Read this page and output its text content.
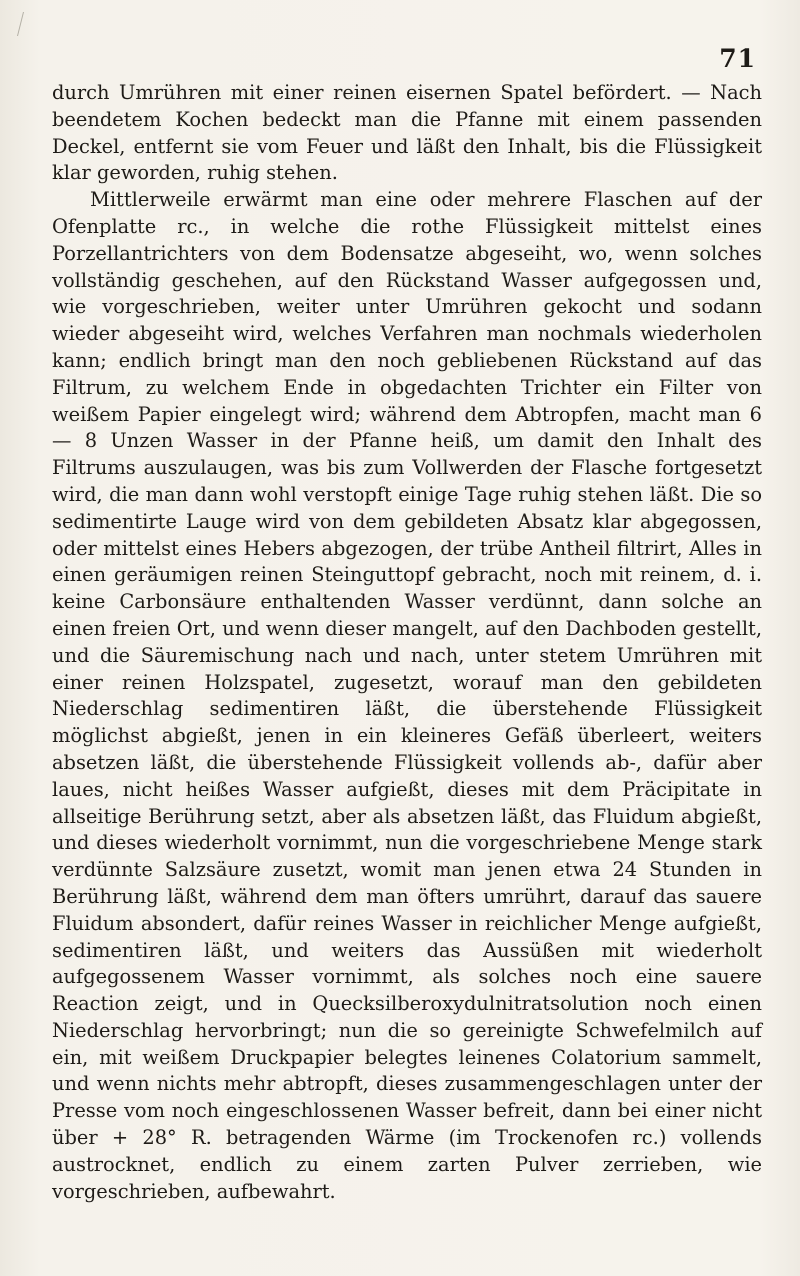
71

durch Umrühren mit einer reinen eisernen Spatel befördert. — Nach beendetem Kochen bedeckt man die Pfanne mit einem passenden Deckel, entfernt sie vom Feuer und läßt den Inhalt, bis die Flüssigkeit klar geworden, ruhig stehen.

Mittlerweile erwärmt man eine oder mehrere Flaschen auf der Ofenplatte rc., in welche die rothe Flüssigkeit mittelst eines Porzellantrichters von dem Bodensatze abgeseiht, wo, wenn solches vollständig geschehen, auf den Rückstand Wasser aufgegossen und, wie vorgeschrieben, weiter unter Umrühren gekocht und sodann wieder abgeseiht wird, welches Verfahren man nochmals wiederholen kann; endlich bringt man den noch gebliebenen Rückstand auf das Filtrum, zu welchem Ende in obgedachten Trichter ein Filter von weißem Papier eingelegt wird; während dem Abtropfen, macht man 6 — 8 Unzen Wasser in der Pfanne heiß, um damit den Inhalt des Filtrums auszulaugen, was bis zum Vollwerden der Flasche fortgesetzt wird, die man dann wohl verstopft einige Tage ruhig stehen läßt. Die so sedimentirte Lauge wird von dem gebildeten Absatz klar abgegossen, oder mittelst eines Hebers abgezogen, der trübe Antheil filtrirt, Alles in einen geräumigen reinen Steinguttopf gebracht, noch mit reinem, d. i. keine Carbonsäure enthaltenden Wasser verdünnt, dann solche an einen freien Ort, und wenn dieser mangelt, auf den Dachboden gestellt, und die Säuremischung nach und nach, unter stetem Umrühren mit einer reinen Holzspatel, zugesetzt, worauf man den gebildeten Niederschlag sedimentiren läßt, die überstehende Flüssigkeit möglichst abgießt, jenen in ein kleineres Gefäß überleert, weiters absetzen läßt, die überstehende Flüssigkeit vollends ab-, dafür aber laues, nicht heißes Wasser aufgießt, dieses mit dem Präcipitate in allseitige Berührung setzt, aber als absetzen läßt, das Fluidum abgießt, und dieses wiederholt vornimmt, nun die vorgeschriebene Menge stark verdünnte Salzsäure zusetzt, womit man jenen etwa 24 Stunden in Berührung läßt, während dem man öfters umrührt, darauf das sauere Fluidum absondert, dafür reines Wasser in reichlicher Menge aufgießt, sedimentiren läßt, und weiters das Aussüßen mit wiederholt aufgegossenem Wasser vornimmt, als solches noch eine sauere Reaction zeigt, und in Quecksilberoxydulnitratsolution noch einen Niederschlag hervorbringt; nun die so gereinigte Schwefelmilch auf ein, mit weißem Druckpapier belegtes leinenes Colatorium sammelt, und wenn nichts mehr abtropft, dieses zusammengeschlagen unter der Presse vom noch eingeschlossenen Wasser befreit, dann bei einer nicht über + 28° R. betragenden Wärme (im Trockenofen rc.) vollends austrocknet, endlich zu einem zarten Pulver zerrieben, wie vorgeschrieben, aufbewahrt.
